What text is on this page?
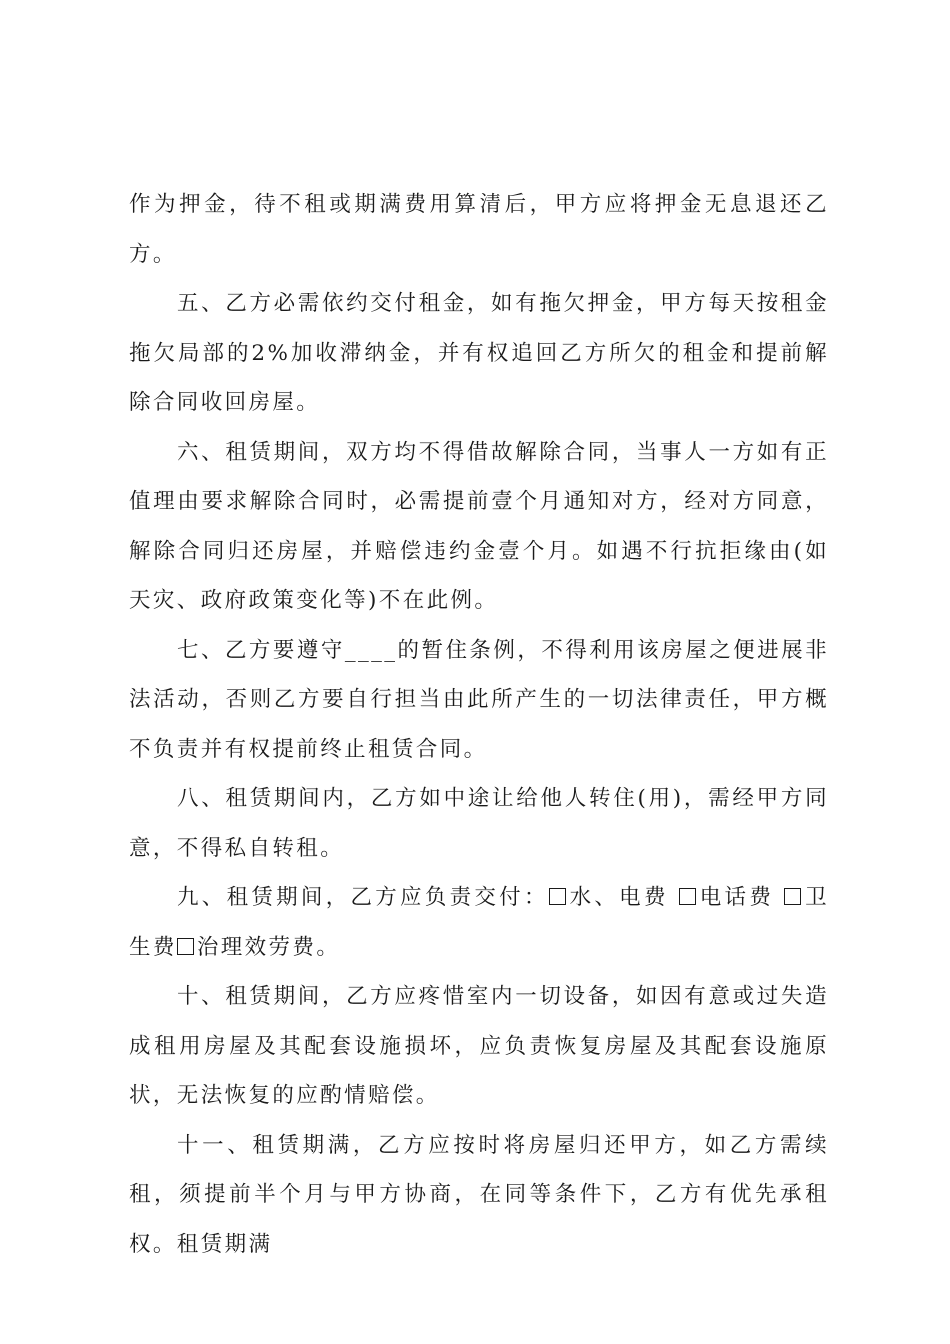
作为押金，待不租或期满费用算清后，甲方应将押金无息退还乙方。

五、乙方必需依约交付租金，如有拖欠押金，甲方每天按租金拖欠局部的2%加收滞纳金，并有权追回乙方所欠的租金和提前解除合同收回房屋。

六、租赁期间，双方均不得借故解除合同，当事人一方如有正值理由要求解除合同时，必需提前壹个月通知对方，经对方同意，解除合同归还房屋，并赔偿违约金壹个月。如遇不行抗拒缘由(如天灾、政府政策变化等)不在此例。

七、乙方要遵守____的暂住条例，不得利用该房屋之便进展非法活动，否则乙方要自行担当由此所产生的一切法律责任，甲方概不负责并有权提前终止租赁合同。

八、租赁期间内，乙方如中途让给他人转住(用)，需经甲方同意，不得私自转租。

九、租赁期间，乙方应负责交付： 水、电费 电话费 卫生费 治理效劳费。

十、租赁期间，乙方应疼惜室内一切设备，如因有意或过失造成租用房屋及其配套设施损坏，应负责恢复房屋及其配套设施原状，无法恢复的应酌情赔偿。

十一、租赁期满，乙方应按时将房屋归还甲方，如乙方需续租，须提前半个月与甲方协商，在同等条件下，乙方有优先承租权。租赁期满
